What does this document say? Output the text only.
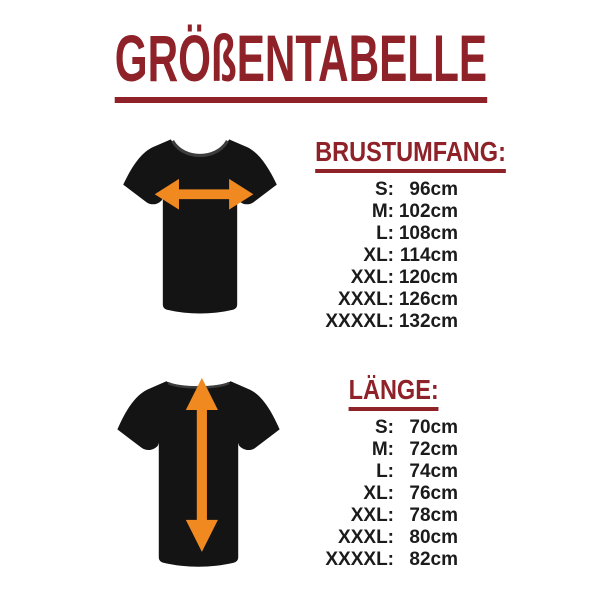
GRÖßENTABELLE
BRUSTUMFANG:
S: 96cm
M: 102cm
L: 108cm
XL: 114cm
XXL: 120cm
XXXL: 126cm
XXXXL: 132cm
LÄNGE:
S: 70cm
M: 72cm
L: 74cm
XL: 76cm
XXL: 78cm
XXXL: 80cm
XXXXL: 82cm
